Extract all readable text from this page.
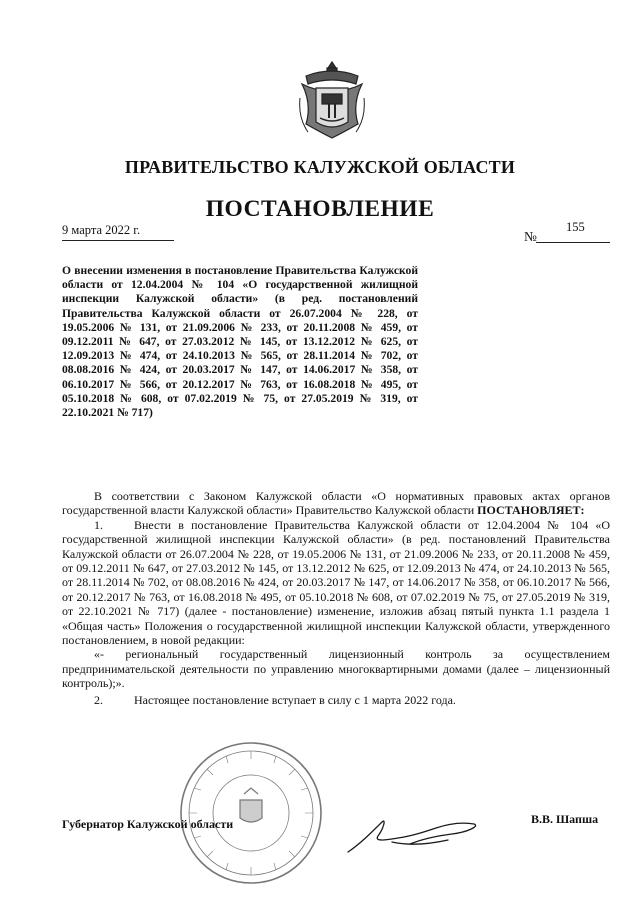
ПРАВИТЕЛЬСТВО КАЛУЖСКОЙ ОБЛАСТИ
ПОСТАНОВЛЕНИЕ
9 марта 2022 г.	№
155

О внесении изменения в постановление Правительства Калужской области от 12.04.2004 № 104 «О государственной жилищной инспекции Калужской области» (в ред. постановлений Правительства Калужской области от 26.07.2004 № 228, от 19.05.2006 № 131, от 21.09.2006 № 233, от 20.11.2008 № 459, от 09.12.2011 № 647, от 27.03.2012 № 145, от 13.12.2012 № 625, от 12.09.2013 № 474, от 24.10.2013 № 565, от 28.11.2014 № 702, от 08.08.2016 № 424, от 20.03.2017 № 147, от 14.06.2017 № 358, от 06.10.2017 № 566, от 20.12.2017 № 763, от 16.08.2018 № 495, от 05.10.2018 № 608, от 07.02.2019 № 75, от 27.05.2019 № 319, от 22.10.2021 № 717)

В соответствии с Законом Калужской области «О нормативных правовых актах органов государственной власти Калужской области» Правительство Калужской области ПОСТАНОВЛЯЕТ:

1.	Внести в постановление Правительства Калужской области от 12.04.2004 № 104 «О государственной жилищной инспекции Калужской области» (в ред. постановлений Правительства Калужской области от 26.07.2004 № 228, от 19.05.2006 № 131, от 21.09.2006 № 233, от 20.11.2008 № 459, от 09.12.2011 № 647, от 27.03.2012 № 145, от 13.12.2012 № 625, от 12.09.2013 № 474, от 24.10.2013 № 565, от 28.11.2014 № 702, от 08.08.2016 № 424, от 20.03.2017 № 147, от 14.06.2017 № 358, от 06.10.2017 № 566, от 20.12.2017 № 763, от 16.08.2018 № 495, от 05.10.2018 № 608, от 07.02.2019 № 75, от 27.05.2019 № 319, от 22.10.2021 № 717) (далее - постановление) изменение, изложив абзац пятый пункта 1.1 раздела 1 «Общая часть» Положения о государственной жилищной инспекции Калужской области, утвержденного постановлением, в новой редакции:

«- региональный государственный лицензионный контроль за осуществлением предпринимательской деятельности по управлению многоквартирными домами (далее – лицензионный контроль);».

2.	Настоящее постановление вступает в силу с 1 марта 2022 года.

Губернатор Калужской области	В.В. Шапша
